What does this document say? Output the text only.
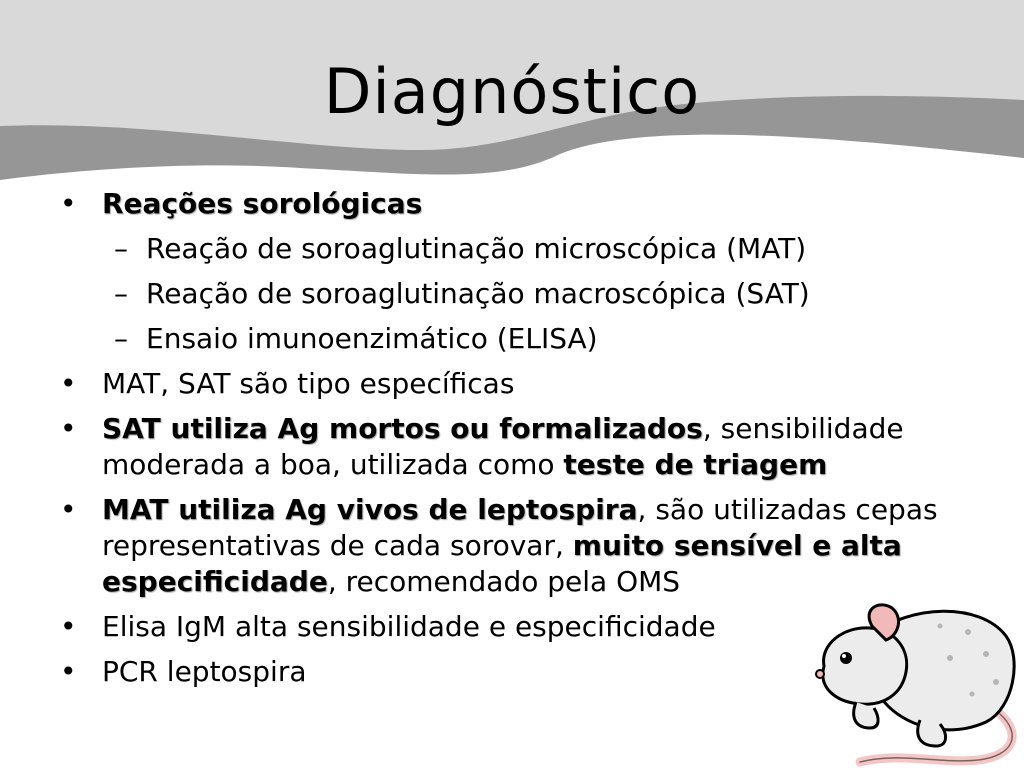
Diagnóstico
• Reações sorológicas
– Reação de soroaglutinação microscópica (MAT)
– Reação de soroaglutinação macroscópica (SAT)
– Ensaio imunoenzimático (ELISA)
• MAT, SAT são tipo específicas
• SAT utiliza Ag mortos ou formalizados, sensibilidade moderada a boa, utilizada como teste de triagem
• MAT utiliza Ag vivos de leptospira, são utilizadas cepas representativas de cada sorovar, muito sensível e alta especificidade, recomendado pela OMS
• Elisa IgM alta sensibilidade e especificidade
• PCR leptospira
